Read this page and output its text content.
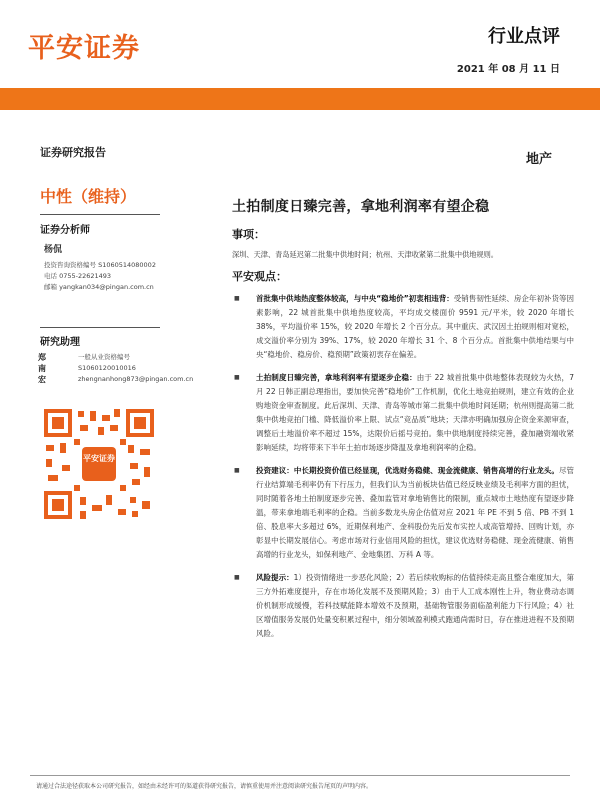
平安证券	行业点评
2021 年 08 月 11 日
证券研究报告
中性（维持）
证券分析师
杨侃
投资咨询资格编号 S1060514080002
电话 0755-22621493
邮箱 yangkan034@pingan.com.cn
研究助理
郑南宏
一般从业资格编号
S1060120010016
zhengnanhong873@pingan.com.cn
平安证券
地产
土拍制度日臻完善，拿地利润率有望企稳
事项：
深圳、天津、青岛延迟第二批集中供地时间；杭州、天津收紧第二批集中供地规则。
平安观点：
■ 首批集中供地热度整体较高，与中央“稳地价”初衷相违背：受销售韧性延续、房企年初补货等因素影响，22 城首批集中供地热度较高，平均成交楼面价 9591 元/平米，较 2020 年增长 38%，平均溢价率 15%，较 2020 年增长 2 个百分点。其中重庆、武汉因土拍规则相对宽松，成交溢价率分别为 39%、17%，较 2020 年增长 31 个、8 个百分点。首批集中供地结果与中央“稳地价、稳房价、稳预期”政策初衷存在偏差。
■ 土拍制度日臻完善，拿地利润率有望逐步企稳：由于 22 城首批集中供地整体表现较为火热，7 月 22 日韩正副总理指出，要加快完善“稳地价”工作机制，优化土地竞拍规则，建立有效的企业购地资金审查制度。此后深圳、天津、青岛等城市第二批集中供地时间延期；杭州则提高第二批集中供地竞拍门槛、降低溢价率上限、试点“竞品质”地块；天津亦明确加强房企资金来源审查，调整后土地溢价率不超过 15%，达限价后摇号竞拍。集中供地制度持续完善，叠加融资端收紧影响延续，均将带来下半年土拍市场逐步降温及拿地利润率的企稳。
■ 投资建议：中长期投资价值已经显现，优选财务稳健、现金流健康、销售高增的行业龙头。尽管行业结算端毛利率仍有下行压力，但我们认为当前板块估值已经反映业绩及毛利率方面的担忧，同时随着各地土拍制度逐步完善、叠加监管对拿地销售比的限制，重点城市土地热度有望逐步降温，带来拿地端毛利率的企稳。当前多数龙头房企估值对应 2021 年 PE 不到 5 倍、PB 不到 1 倍、股息率大多超过 6%，近期保利地产、金科股份先后发布实控人或高管增持、回购计划，亦彰显中长期发展信心。考虑市场对行业信用风险的担忧，建议优选财务稳健、现金流健康、销售高增的行业龙头，如保利地产、金地集团、万科 A 等。
■ 风险提示：1）投资情绪进一步恶化风险；2）若后续收购标的估值持续走高且整合难度加大，第三方外拓难度提升，存在市场化发展不及预期风险；3）由于人工成本刚性上升，物业费动态调价机制形成缓慢，若科技赋能降本增效不及预期，基础物管服务面临盈利能力下行风险；4）社区增值服务发展仍处量变积累过程中，细分领域盈利模式跑通尚需时日，存在推进进程不及预期风险。
请通过合法途径获取本公司研究报告，如经由未经许可的渠道获得研究报告，请慎重使用并注意阅读研究报告尾页的声明内容。
